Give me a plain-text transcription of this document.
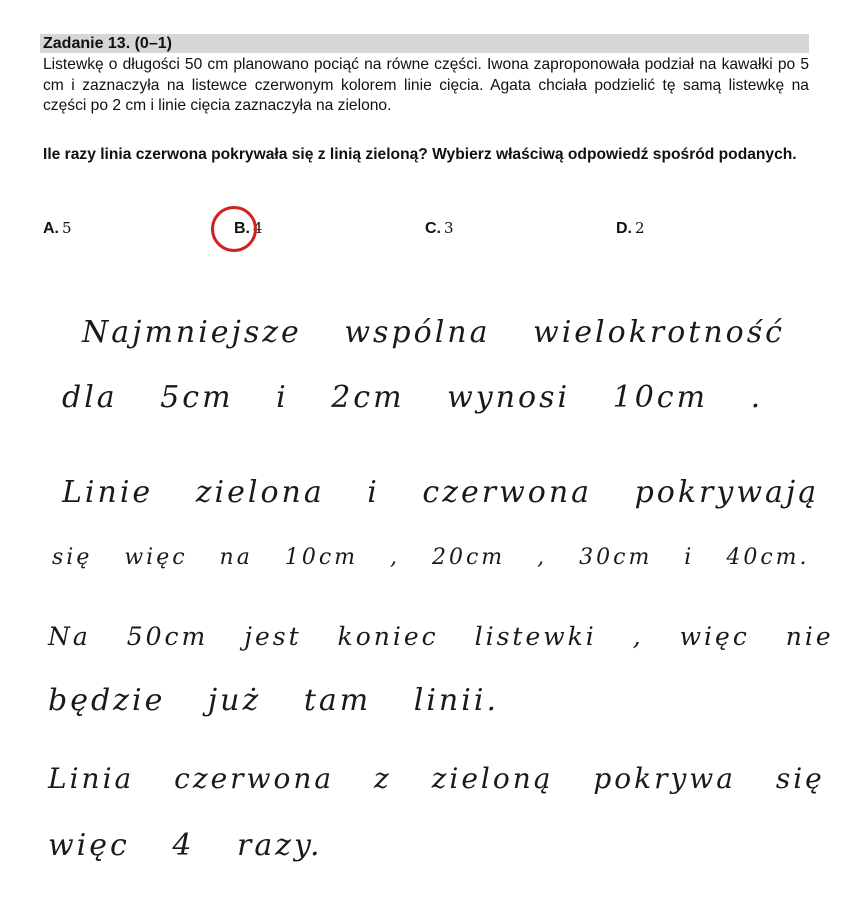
Zadanie 13. (0–1)
Listewkę o długości 50 cm planowano pociąć na równe części. Iwona zaproponowała podział na kawałki po 5 cm i zaznaczyła na listewce czerwonym kolorem linie cięcia. Agata chciała podzielić tę samą listewkę na części po 2 cm i linie cięcia zaznaczyła na zielono.
Ile razy linia czerwona pokrywała się z linią zieloną? Wybierz właściwą odpowiedź spośród podanych.
A. 5	B. 4	C. 3	D. 2
Najmniejsze wspólna wielokrotność
dla 5cm i 2cm wynosi 10cm .
Linie zielona i czerwona pokrywają
się więc na 10cm , 20cm , 30cm i 40cm.
Na 50cm jest koniec listewki , więc nie
będzie już tam linii.
Linia czerwona z zieloną pokrywa się
więc 4 razy.
